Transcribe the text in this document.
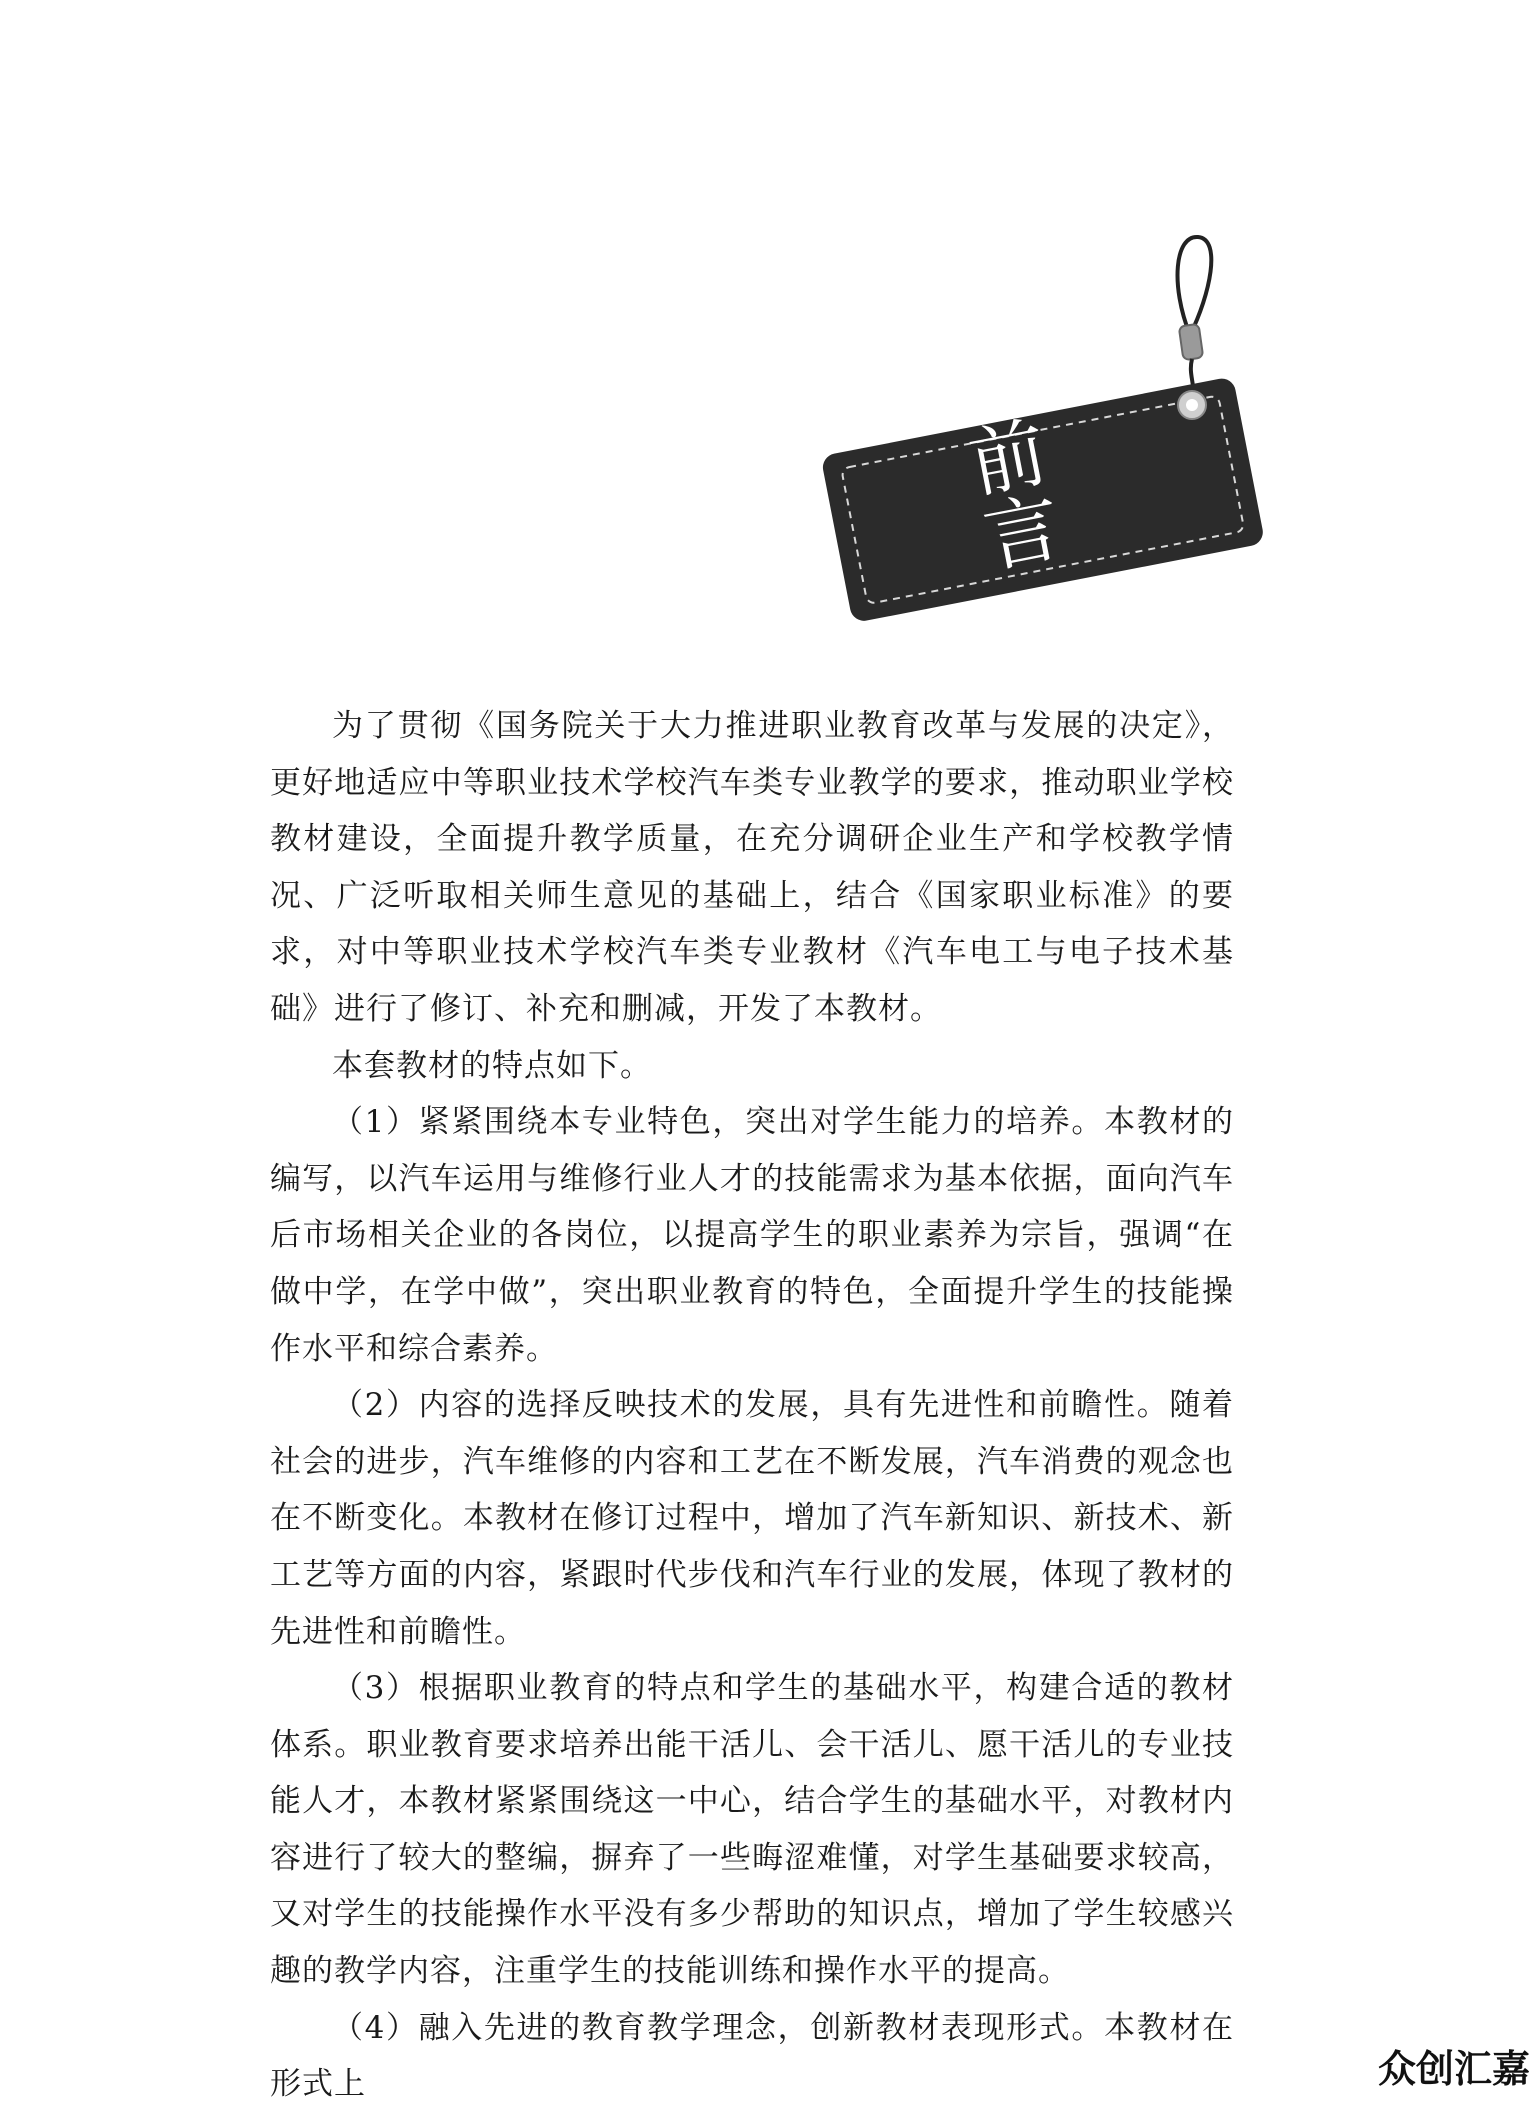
前 言

为了贯彻《国务院关于大力推进职业教育改革与发展的决定》，更好地适应中等职业技术学校汽车类专业教学的要求，推动职业学校教材建设，全面提升教学质量，在充分调研企业生产和学校教学情况、广泛听取相关师生意见的基础上，结合《国家职业标准》的要求，对中等职业技术学校汽车类专业教材《汽车电工与电子技术基础》进行了修订、补充和删减，开发了本教材。

本套教材的特点如下。

（1）紧紧围绕本专业特色，突出对学生能力的培养。本教材的编写，以汽车运用与维修行业人才的技能需求为基本依据，面向汽车后市场相关企业的各岗位，以提高学生的职业素养为宗旨，强调“在做中学，在学中做”，突出职业教育的特色，全面提升学生的技能操作水平和综合素养。

（2）内容的选择反映技术的发展，具有先进性和前瞻性。随着社会的进步，汽车维修的内容和工艺在不断发展，汽车消费的观念也在不断变化。本教材在修订过程中，增加了汽车新知识、新技术、新工艺等方面的内容，紧跟时代步伐和汽车行业的发展，体现了教材的先进性和前瞻性。

（3）根据职业教育的特点和学生的基础水平，构建合适的教材体系。职业教育要求培养出能干活儿、会干活儿、愿干活儿的专业技能人才，本教材紧紧围绕这一中心，结合学生的基础水平，对教材内容进行了较大的整编，摒弃了一些晦涩难懂，对学生基础要求较高，又对学生的技能操作水平没有多少帮助的知识点，增加了学生较感兴趣的教学内容，注重学生的技能训练和操作水平的提高。

（4）融入先进的教育教学理念，创新教材表现形式。本教材在形式上	众创汇嘉
